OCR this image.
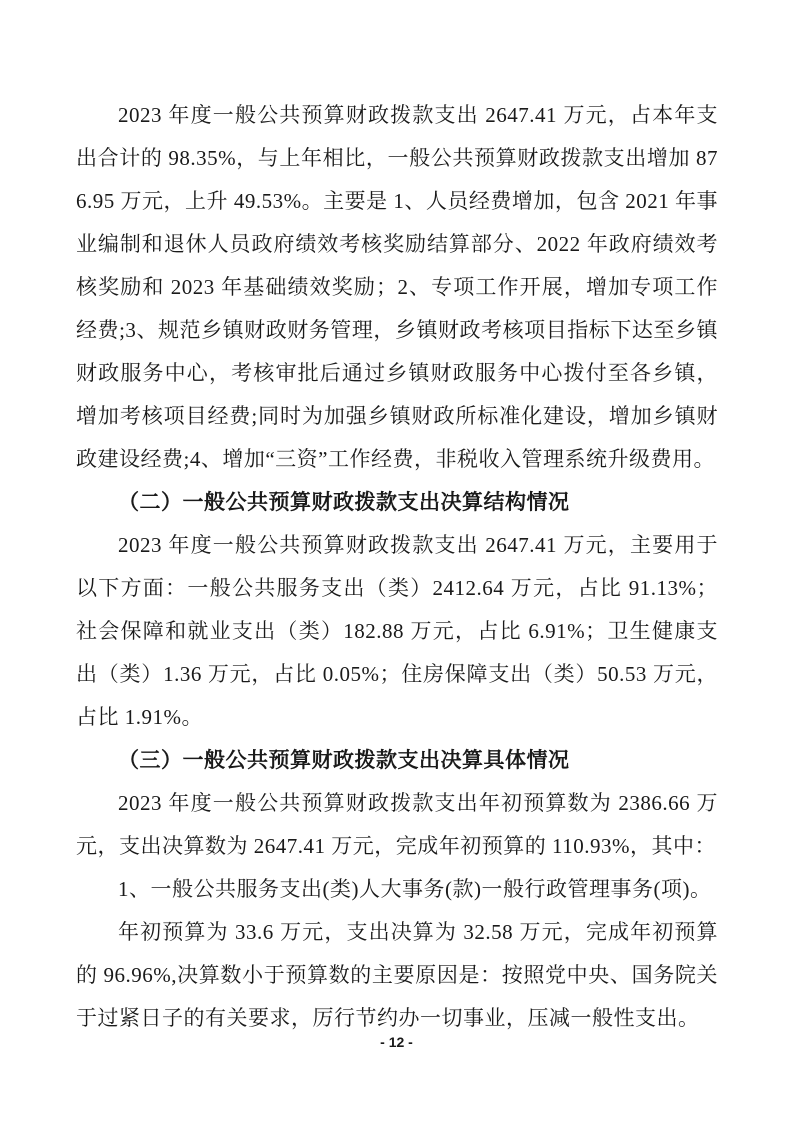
2023 年度一般公共预算财政拨款支出 2647.41 万元，占本年支出合计的 98.35%，与上年相比，一般公共预算财政拨款支出增加 876.95 万元，上升 49.53%。主要是 1、人员经费增加，包含 2021 年事业编制和退休人员政府绩效考核奖励结算部分、2022 年政府绩效考核奖励和 2023 年基础绩效奖励；2、专项工作开展，增加专项工作经费;3、规范乡镇财政财务管理，乡镇财政考核项目指标下达至乡镇财政服务中心，考核审批后通过乡镇财政服务中心拨付至各乡镇，增加考核项目经费;同时为加强乡镇财政所标准化建设，增加乡镇财政建设经费;4、增加“三资”工作经费，非税收入管理系统升级费用。

（二）一般公共预算财政拨款支出决算结构情况

2023 年度一般公共预算财政拨款支出 2647.41 万元，主要用于以下方面：一般公共服务支出（类）2412.64 万元，占比 91.13%；社会保障和就业支出（类）182.88 万元，占比 6.91%；卫生健康支出（类）1.36 万元，占比 0.05%；住房保障支出（类）50.53 万元，占比 1.91%。

（三）一般公共预算财政拨款支出决算具体情况

2023 年度一般公共预算财政拨款支出年初预算数为 2386.66 万元，支出决算数为 2647.41 万元，完成年初预算的 110.93%，其中：

1、一般公共服务支出(类)人大事务(款)一般行政管理事务(项)。

年初预算为 33.6 万元，支出决算为 32.58 万元，完成年初预算的 96.96%,决算数小于预算数的主要原因是：按照党中央、国务院关于过紧日子的有关要求，厉行节约办一切事业，压减一般性支出。

- 12 -
